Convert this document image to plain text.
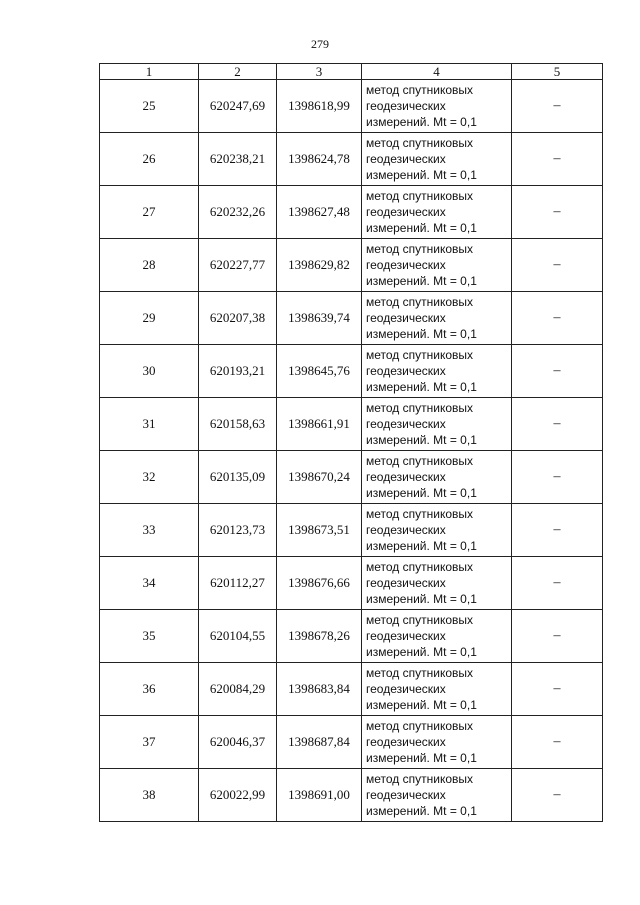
279
1	2	3	4	5
25	620247,69	1398618,99	метод спутниковых
геодезических
измерений. Mt = 0,1	–
26	620238,21	1398624,78	метод спутниковых
геодезических
измерений. Mt = 0,1	–
27	620232,26	1398627,48	метод спутниковых
геодезических
измерений. Mt = 0,1	–
28	620227,77	1398629,82	метод спутниковых
геодезических
измерений. Mt = 0,1	–
29	620207,38	1398639,74	метод спутниковых
геодезических
измерений. Mt = 0,1	–
30	620193,21	1398645,76	метод спутниковых
геодезических
измерений. Mt = 0,1	–
31	620158,63	1398661,91	метод спутниковых
геодезических
измерений. Mt = 0,1	–
32	620135,09	1398670,24	метод спутниковых
геодезических
измерений. Mt = 0,1	–
33	620123,73	1398673,51	метод спутниковых
геодезических
измерений. Mt = 0,1	–
34	620112,27	1398676,66	метод спутниковых
геодезических
измерений. Mt = 0,1	–
35	620104,55	1398678,26	метод спутниковых
геодезических
измерений. Mt = 0,1	–
36	620084,29	1398683,84	метод спутниковых
геодезических
измерений. Mt = 0,1	–
37	620046,37	1398687,84	метод спутниковых
геодезических
измерений. Mt = 0,1	–
38	620022,99	1398691,00	метод спутниковых
геодезических
измерений. Mt = 0,1	–
